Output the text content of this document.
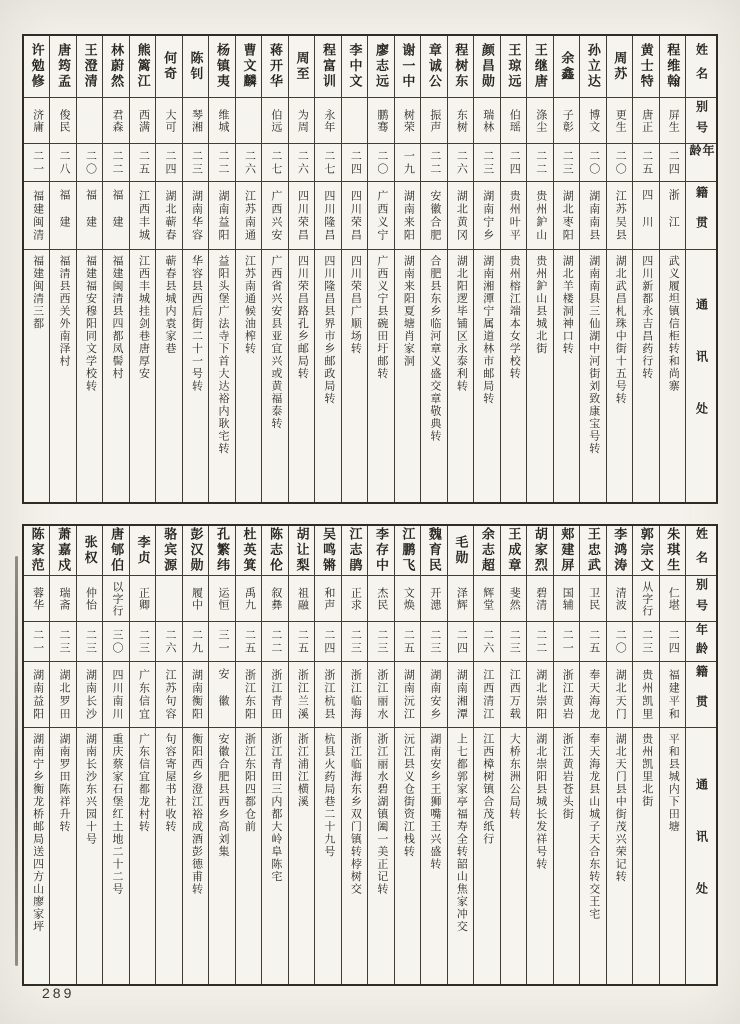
姓名
别号
年龄
籍贯
通讯处
程维翰
屏生
二四
浙江
武义履坦镇信柜转和尚寨
黄士特
唐正
二五
四川
四川新都永吉昌药行转
周苏
更生
二〇
江苏吴县
湖北武昌札珠中街十五号转
孙立达
博文
二〇
湖南南县
湖南南县三仙湖中河街刘致康宝号转
余鑫
子彰
二三
湖北枣阳
湖北羊楼洞神口转
王继唐
涤尘
二二
贵州鈩山
贵州鈩山县城北街
王琼远
伯瑶
二四
贵州叶平
贵州榕江端本女学校转
颜昌勋
瑞林
二三
湖南宁乡
湖南湘潭宁属道林市邮局转
程树东
东树
二六
湖北黄冈
湖北阳逻毕铺区永泰利转
章诚公
振声
二二
安徽合肥
合肥县东乡临河章义盛交章敬典转
谢一中
树荣
一九
湖南来阳
湖南来阳夏塘肖家洞
廖志远
鹏骞
二〇
广西义宁
广西义宁县碗田圩邮转
李中文
二四
四川荣昌
四川荣昌广顺场转
程富训
永年
二七
四川隆昌
四川隆昌县界市乡邮政局转
周至
为周
二六
四川荣昌
四川荣昌路孔乡邮局转
蒋开华
伯远
二七
广西兴安
广西省兴安县亚宜兴或黄福泰转
曹文麟
二六
江苏南通
江苏南通候油榨转
杨镇夷
维城
二二
湖南益阳
益阳头堡广法寺下首大达裕内耿宅转
陈钊
琴湘
二三
湖南华容
华容县西后街二十一号转
何奇
大可
二四
湖北蕲春
蕲春县城内袁家巷
熊篱江
西满
二五
江西丰城
江西丰城挂剑巷唐厚安
林蔚然
君森
二二
福建
福建闽清县四都凤髻村
王澄清
二〇
福建
福建福安穆阳同文学校转
唐筠孟
俊民
二八
福建
福清县西关外南泽村
许勉修
济庸
二一
福建闽清
福建闽清三都
姓名
别号
年龄
籍贯
通讯处
朱琪生
仁堪
二四
福建平和
平和县城内下田塘
郭宗文
从字行
二三
贵州凯里
贵州凯里北街
李鸿涛
清波
二〇
湖北天门
湖北天门县中街茂兴荣记转
王忠武
卫民
二五
奉天海龙
奉天海龙县山城子天合东转交王宅
郏建屏
国辅
二一
浙江黄岩
浙江黄岩苍头街
胡家烈
碧清
二二
湖北崇阳
湖北崇阳县城长发祥号转
王成章
斐然
二三
江西万载
大桥东洲公局转
余志超
辉堂
二六
江西清江
江西樟树镇合茂纸行
毛勋
泽辉
二四
湖南湘潭
上七都郭家亭福寿全转韶山焦家冲交
魏育民
开漶
二三
湖南安乡
湖南安乡王狮嘴王兴盛转
江鹏飞
文焕
二五
湖南沅江
沅江县义仓街资江栈转
李存中
杰民
二三
浙江丽水
浙江丽水碧湖镇阖一美正记转
江志鹃
正求
二三
浙江临海
浙江临海东乡双门镇转桲树交
吴鸣锵
和声
二四
浙江杭县
杭县火药局巷二十九号
胡让梨
祖融
二五
浙江兰溪
浙江浦江横溪
陈志伦
叙彝
二二
浙江青田
浙江青田三内都大岭阜陈宅
杜英箕
禹九
二五
浙江东阳
浙江东阳四都仓前
孔繁纬
运恒
三一
安徽
安徽合肥县西乡高刘集
彭汉勋
履中
二九
湖南衡阳
衡阳西乡澄江裕成酒彭德甫转
骆宾源
二六
江苏句容
句容寄屋书社收转
李贞
正卿
二三
广东信宜
广东信宜都龙村转
唐郇伯
以字行
三〇
四川南川
重庆蔡家石堡红土地二十二号
张权
仲怡
二三
湖南长沙
湖南长沙东兴园十号
萧嘉戍
瑞斋
二三
湖北罗田
湖南罗田陈祥升转
陈家范
蓉华
二一
湖南益阳
湖南宁乡衡龙桥邮局送四方山廖家坪
289
